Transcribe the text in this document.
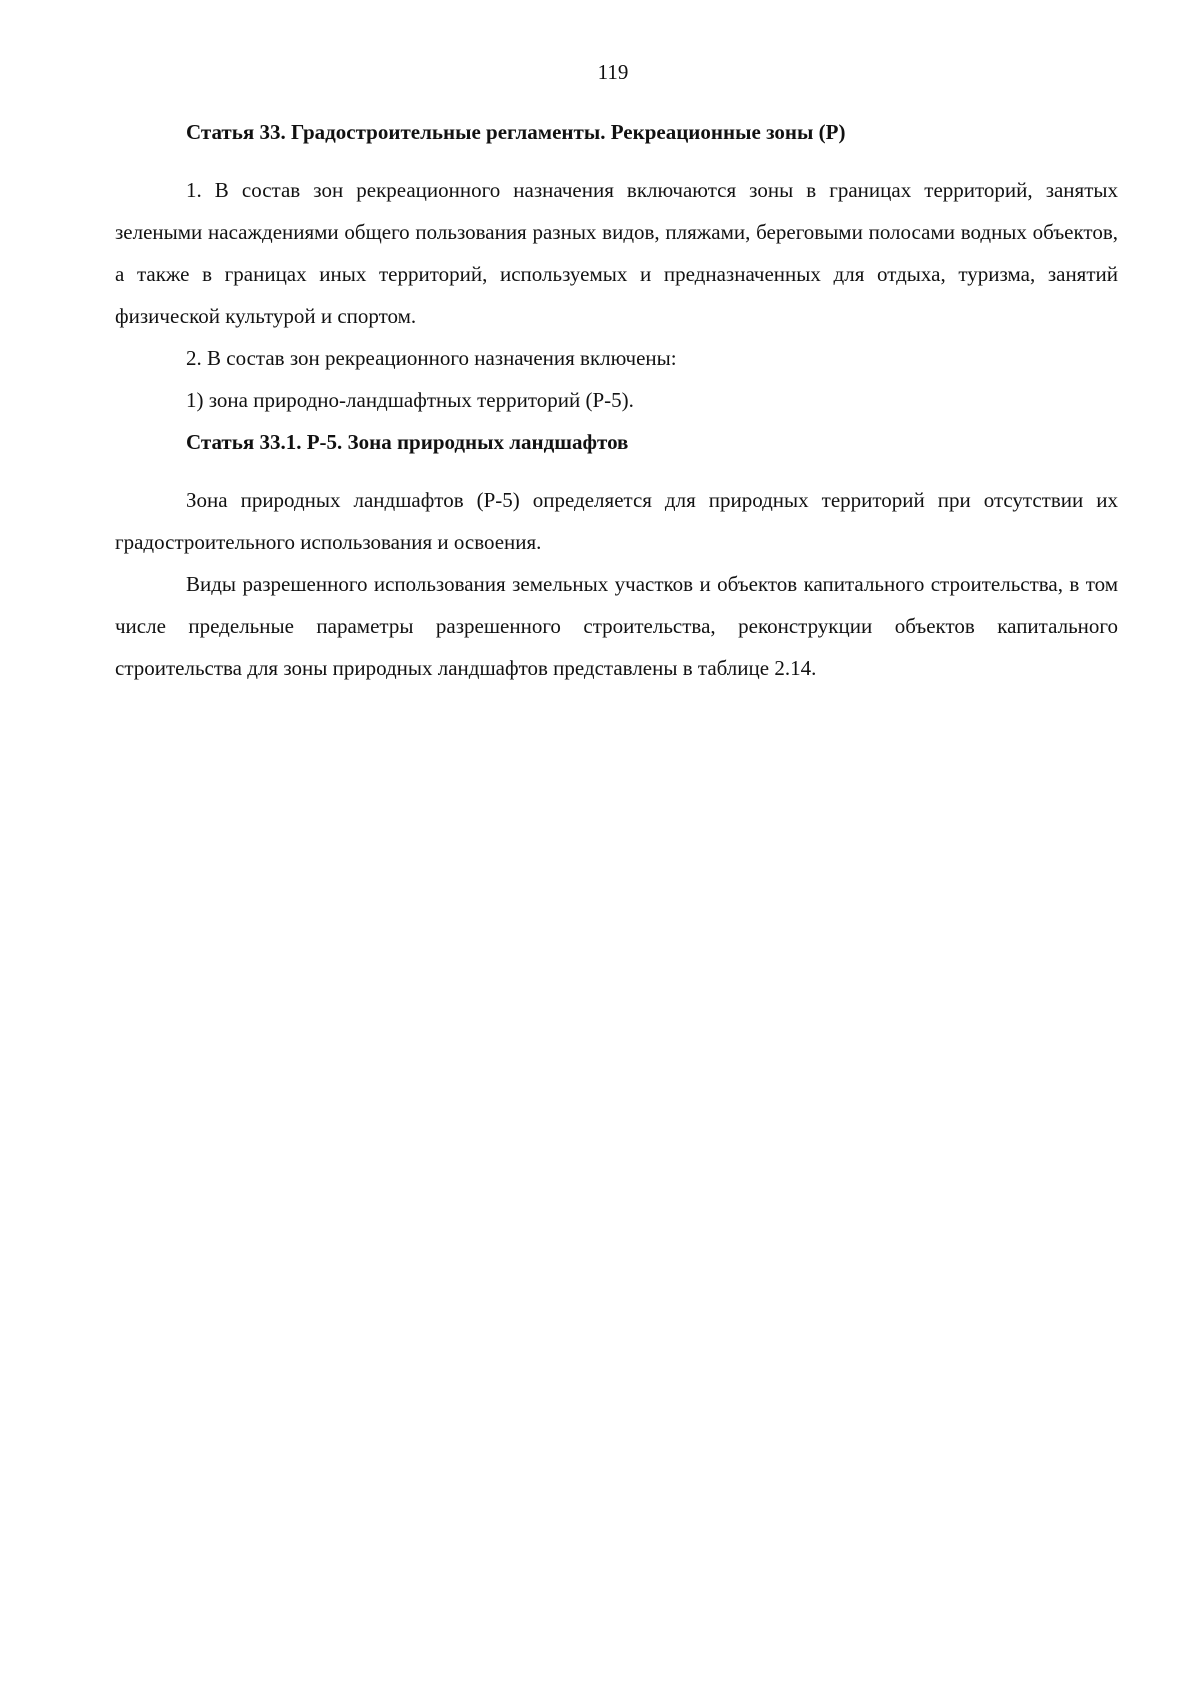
119
Статья 33. Градостроительные регламенты. Рекреационные зоны (Р)

1. В состав зон рекреационного назначения включаются зоны в границах территорий, занятых зелеными насаждениями общего пользования разных видов, пляжами, береговыми полосами водных объектов, а также в границах иных территорий, используемых и предназначенных для отдыха, туризма, занятий физической культурой и спортом.

2. В состав зон рекреационного назначения включены:

1) зона природно-ландшафтных территорий (Р-5).

Статья 33.1. Р-5. Зона природных ландшафтов

Зона природных ландшафтов (Р-5) определяется для природных территорий при отсутствии их градостроительного использования и освоения.

Виды разрешенного использования земельных участков и объектов капитального строительства, в том числе предельные параметры разрешенного строительства, реконструкции объектов капитального строительства для зоны природных ландшафтов представлены в таблице 2.14.
